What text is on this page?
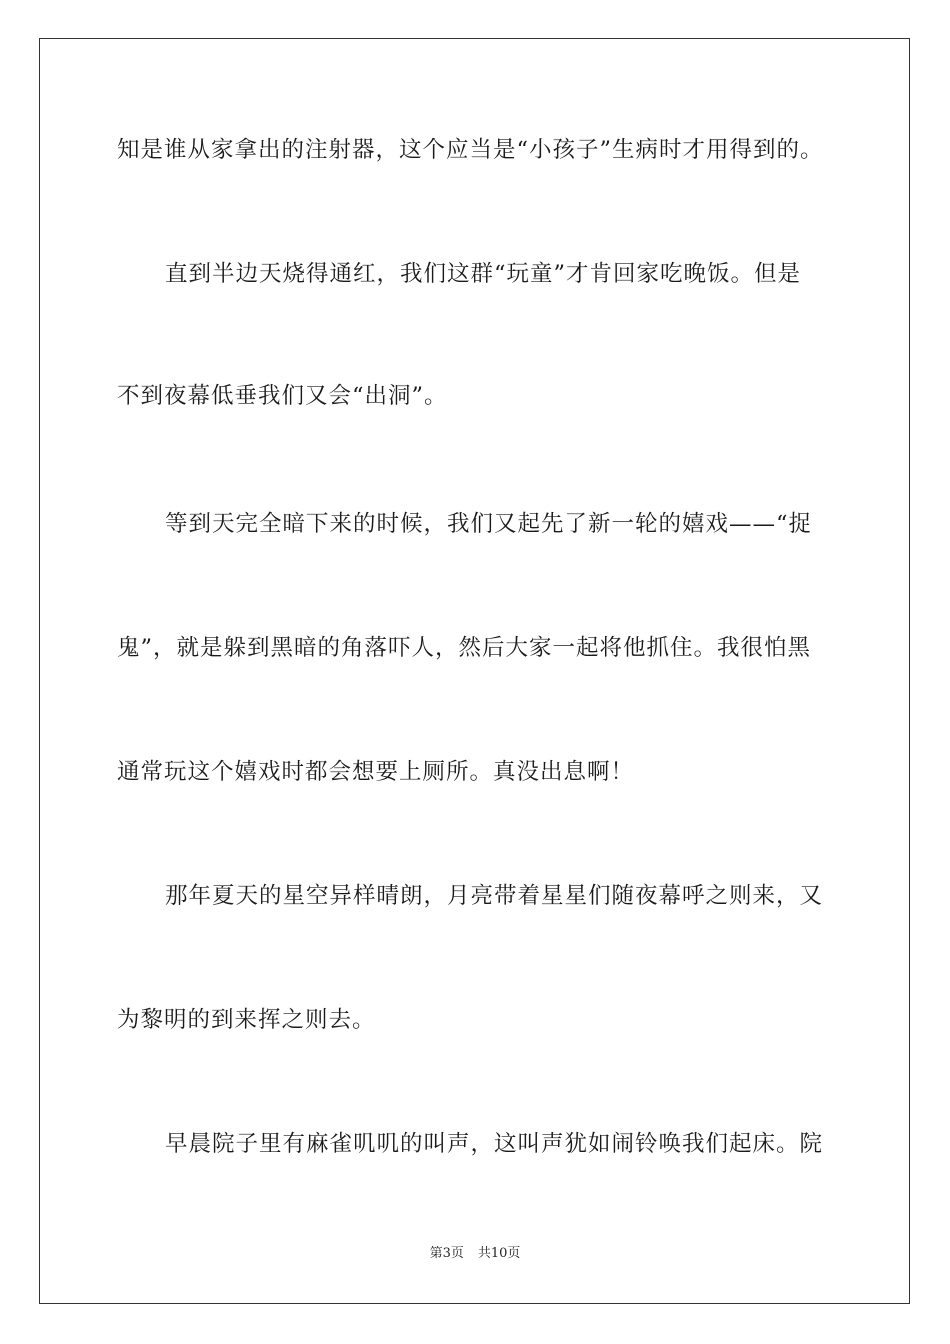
知是谁从家拿出的注射器，这个应当是“小孩子”生病时才用得到的。
直到半边天烧得通红，我们这群“玩童”才肯回家吃晚饭。但是
不到夜幕低垂我们又会“出洞”。
等到天完全暗下来的时候，我们又起先了新一轮的嬉戏——“捉
鬼”，就是躲到黑暗的角落吓人，然后大家一起将他抓住。我很怕黑
通常玩这个嬉戏时都会想要上厕所。真没出息啊！
那年夏天的星空异样晴朗，月亮带着星星们随夜幕呼之则来，又
为黎明的到来挥之则去。
早晨院子里有麻雀叽叽的叫声，这叫声犹如闹铃唤我们起床。院
第3页 共10页
